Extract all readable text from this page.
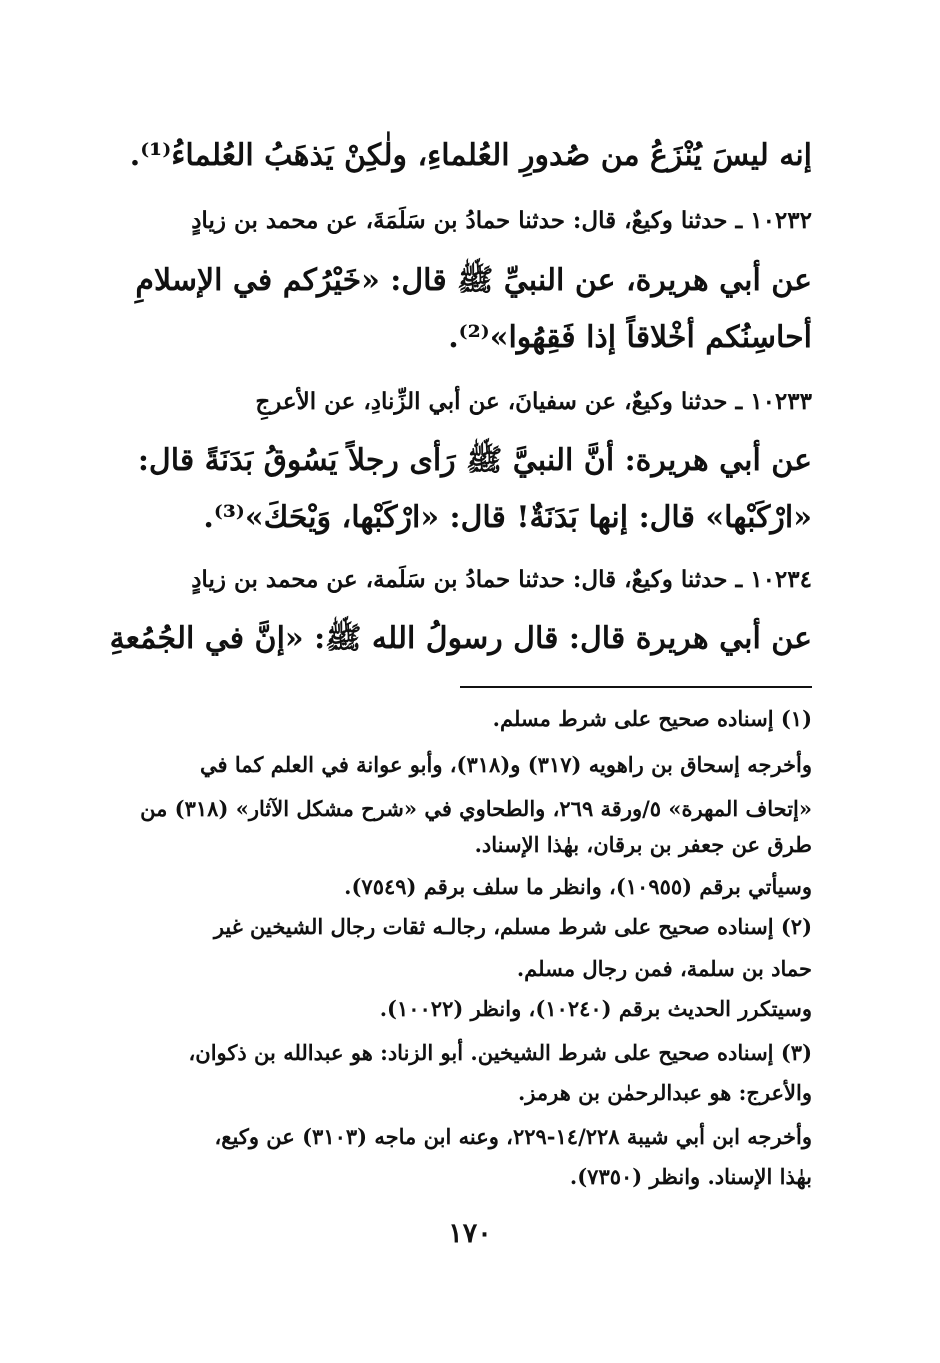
إنه ليسَ يُنْزَعُ من صُدورِ العُلماءِ، ولٰكِنْ يَذهَبُ العُلماءُ⁽¹⁾.
١٠٢٣٢ ـ حدثنا وكيعٌ، قال: حدثنا حمادُ بن سَلَمَةَ، عن محمد بن زيادٍ
عن أبي هريرة، عن النبيِّ ﷺ قال: «خَيْرُكم في الإسلامِ
أحاسِنُكم أخْلاقاً إذا فَقِهُوا»⁽²⁾.
١٠٢٣٣ ـ حدثنا وكيعٌ، عن سفيانَ، عن أبي الزِّنادِ، عن الأعرجِ
عن أبي هريرة: أنَّ النبيَّ ﷺ رَأى رجلاً يَسُوقُ بَدَنَةً قال:
«ارْكَبْها» قال: إنها بَدَنَةٌ! قال: «ارْكَبْها، وَيْحَكَ»⁽³⁾.
١٠٢٣٤ ـ حدثنا وكيعٌ، قال: حدثنا حمادُ بن سَلَمة، عن محمد بن زيادٍ
عن أبي هريرة قال: قال رسولُ الله ﷺ: «إنَّ في الجُمُعةِ
(١) إسناده صحيح على شرط مسلم.
وأخرجه إسحاق بن راهويه (٣١٧) و(٣١٨)، وأبو عوانة في العلم كما في
«إتحاف المهرة» ٥/ورقة ٢٦٩، والطحاوي في «شرح مشكل الآثار» (٣١٨) من
طرق عن جعفر بن برقان، بهٰذا الإسناد.
وسيأتي برقم (١٠٩٥٥)، وانظر ما سلف برقم (٧٥٤٩).
(٢) إسناده صحيح على شرط مسلم، رجالـه ثقات رجال الشيخين غير
حماد بن سلمة، فمن رجال مسلم.
وسيتكرر الحديث برقم (١٠٢٤٠)، وانظر (١٠٠٢٢).
(٣) إسناده صحيح على شرط الشيخين. أبو الزناد: هو عبدالله بن ذكوان،
والأعرج: هو عبدالرحمٰن بن هرمز.
وأخرجه ابن أبي شيبة ١٤/٢٢٨-٢٢٩، وعنه ابن ماجه (٣١٠٣) عن وكيع،
بهٰذا الإسناد. وانظر (٧٣٥٠).
١٧٠
